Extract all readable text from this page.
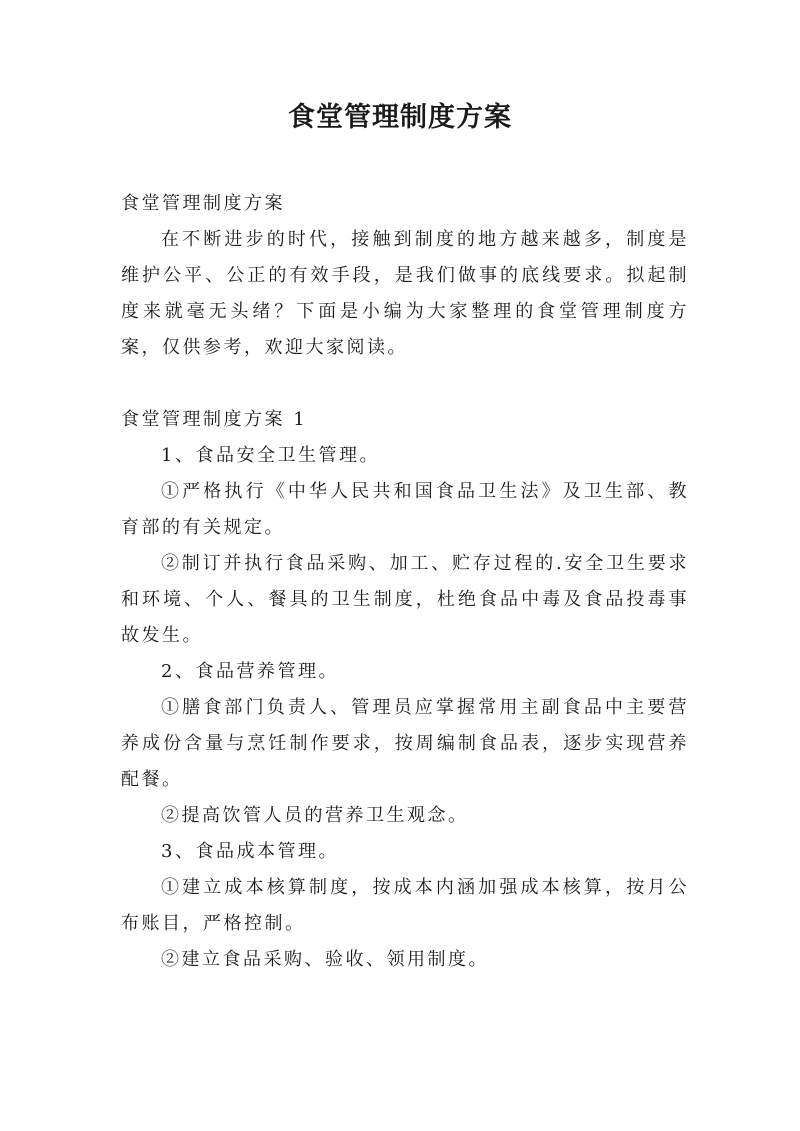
食堂管理制度方案

食堂管理制度方案

在不断进步的时代，接触到制度的地方越来越多，制度是维护公平、公正的有效手段，是我们做事的底线要求。拟起制度来就毫无头绪？下面是小编为大家整理的食堂管理制度方案，仅供参考，欢迎大家阅读。

食堂管理制度方案 1

1、食品安全卫生管理。

①严格执行《中华人民共和国食品卫生法》及卫生部、教育部的有关规定。

②制订并执行食品采购、加工、贮存过程的.安全卫生要求和环境、个人、餐具的卫生制度，杜绝食品中毒及食品投毒事故发生。

2、食品营养管理。

①膳食部门负责人、管理员应掌握常用主副食品中主要营养成份含量与烹饪制作要求，按周编制食品表，逐步实现营养配餐。

②提高饮管人员的营养卫生观念。

3、食品成本管理。

①建立成本核算制度，按成本内涵加强成本核算，按月公布账目，严格控制。

②建立食品采购、验收、领用制度。
